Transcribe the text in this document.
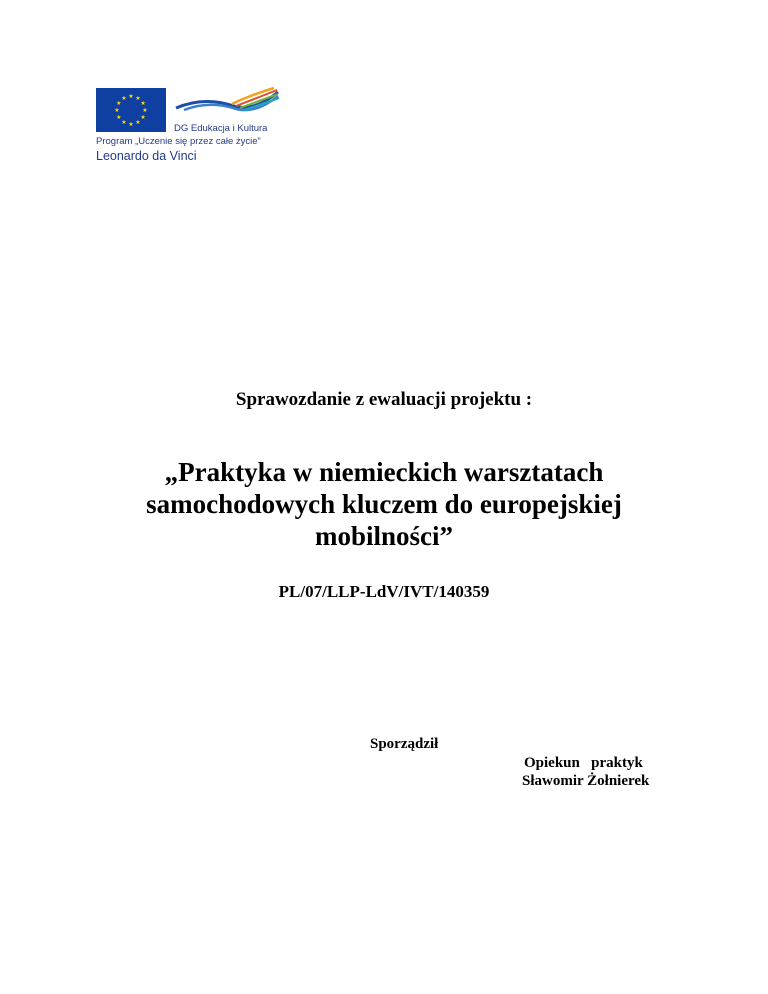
★ ★
★
★
★
★
★
★
★
★
★
★
DG Edukacja i Kultura
Program „Uczenie się przez całe życie”
Leonardo da Vinci
Sprawozdanie z ewaluacji projektu :
„Praktyka w niemieckich warsztatach samochodowych kluczem do europejskiej mobilności”
PL/07/LLP-LdV/IVT/140359
Sporządził
Opiekun   praktyk
Sławomir Żołnierek
